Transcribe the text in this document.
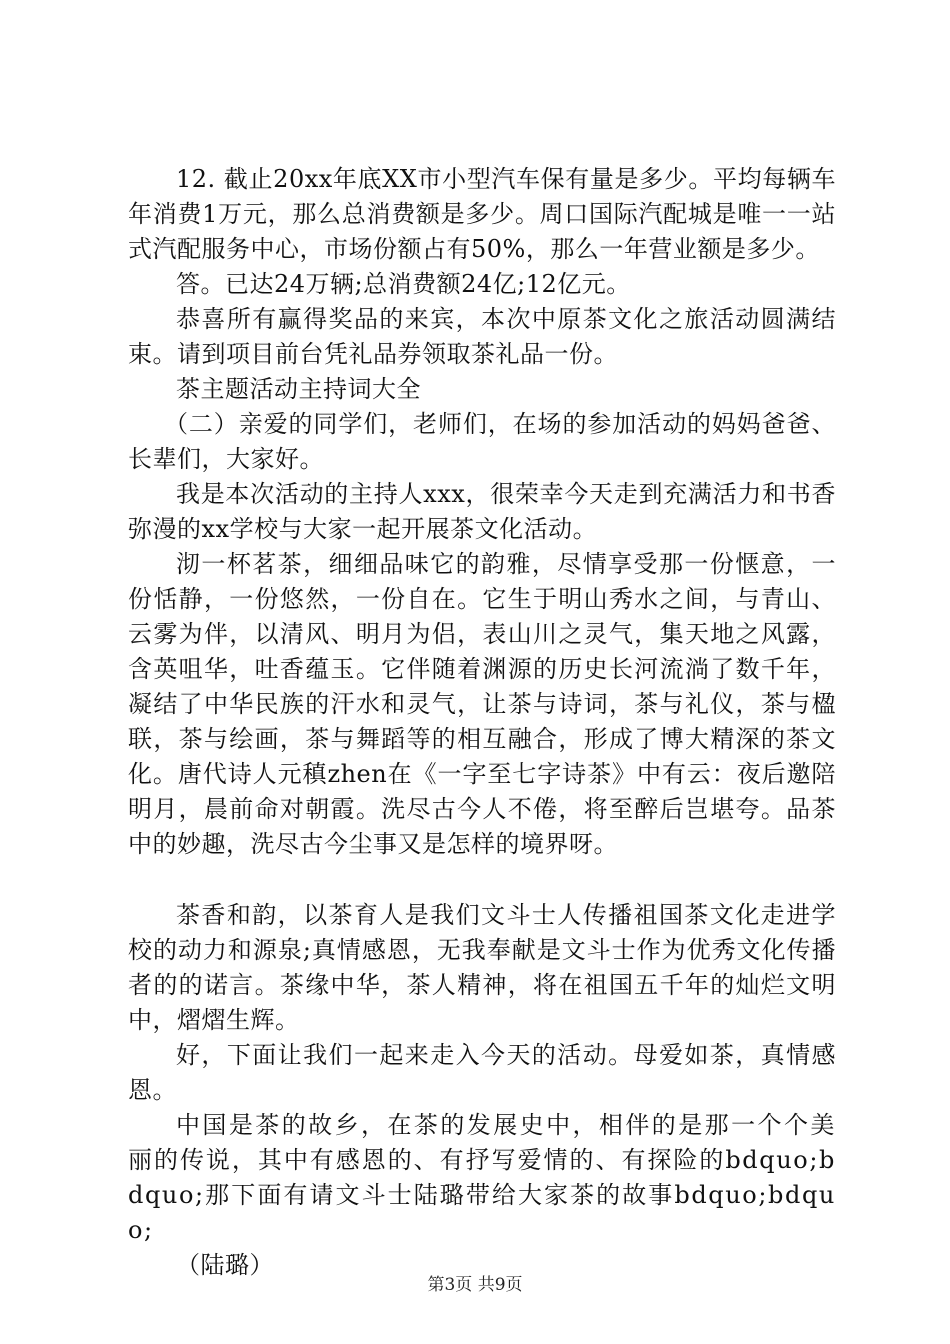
12. 截止20xx年底XX市小型汽车保有量是多少。平均每辆车年消费1万元，那么总消费额是多少。周口国际汽配城是唯一一站式汽配服务中心，市场份额占有50%，那么一年营业额是多少。

答。已达24万辆;总消费额24亿;12亿元。

恭喜所有赢得奖品的来宾，本次中原茶文化之旅活动圆满结束。请到项目前台凭礼品券领取茶礼品一份。

茶主题活动主持词大全

（二）亲爱的同学们，老师们，在场的参加活动的妈妈爸爸、长辈们，大家好。

我是本次活动的主持人xxx，很荣幸今天走到充满活力和书香弥漫的xx学校与大家一起开展茶文化活动。

沏一杯茗茶，细细品味它的韵雅，尽情享受那一份惬意，一份恬静，一份悠然，一份自在。它生于明山秀水之间，与青山、云雾为伴，以清风、明月为侣，表山川之灵气，集天地之风露，含英咀华，吐香蕴玉。它伴随着渊源的历史长河流淌了数千年，凝结了中华民族的汗水和灵气，让茶与诗词，茶与礼仪，茶与楹联，茶与绘画，茶与舞蹈等的相互融合，形成了博大精深的茶文化。唐代诗人元稹zhen在《一字至七字诗茶》中有云：夜后邀陪明月，晨前命对朝霞。洗尽古今人不倦，将至醉后岂堪夸。品茶中的妙趣，洗尽古今尘事又是怎样的境界呀。

茶香和韵，以茶育人是我们文斗士人传播祖国茶文化走进学校的动力和源泉;真情感恩，无我奉献是文斗士作为优秀文化传播者的的诺言。茶缘中华，茶人精神，将在祖国五千年的灿烂文明中，熠熠生辉。

好，下面让我们一起来走入今天的活动。母爱如茶，真情感恩。

中国是茶的故乡，在茶的发展史中，相伴的是那一个个美丽的传说，其中有感恩的、有抒写爱情的、有探险的bdquo;bdquo;那下面有请文斗士陆璐带给大家茶的故事bdquo;bdquo;

（陆璐）

第3页 共9页
